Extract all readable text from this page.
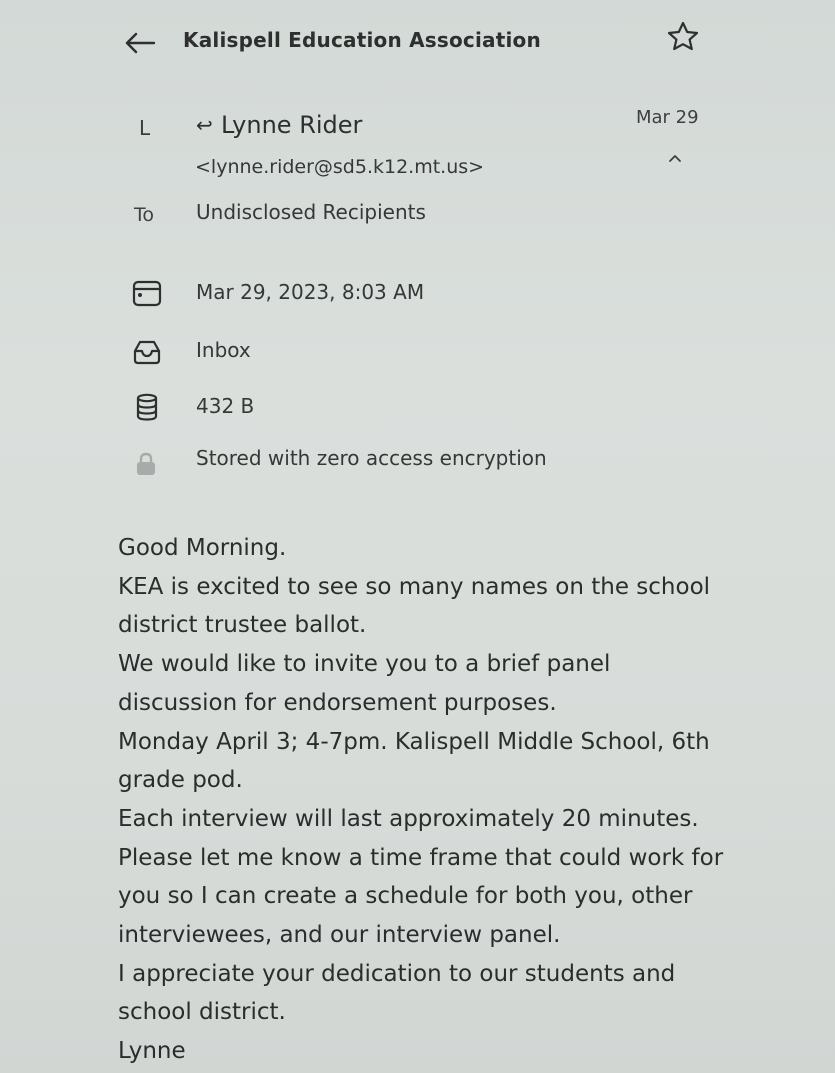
Kalispell Education Association
L ↩ Lynne Rider
<lynne.rider@sd5.k12.mt.us>
Mar 29
To Undisclosed Recipients
Mar 29, 2023, 8:03 AM
Inbox
432 B
Stored with zero access encryption
Good Morning.
KEA is excited to see so many names on the school
district trustee ballot.
We would like to invite you to a brief panel
discussion for endorsement purposes.
Monday April 3; 4-7pm. Kalispell Middle School, 6th
grade pod.
Each interview will last approximately 20 minutes.
Please let me know a time frame that could work for
you so I can create a schedule for both you, other
interviewees, and our interview panel.
I appreciate your dedication to our students and
school district.
Lynne
